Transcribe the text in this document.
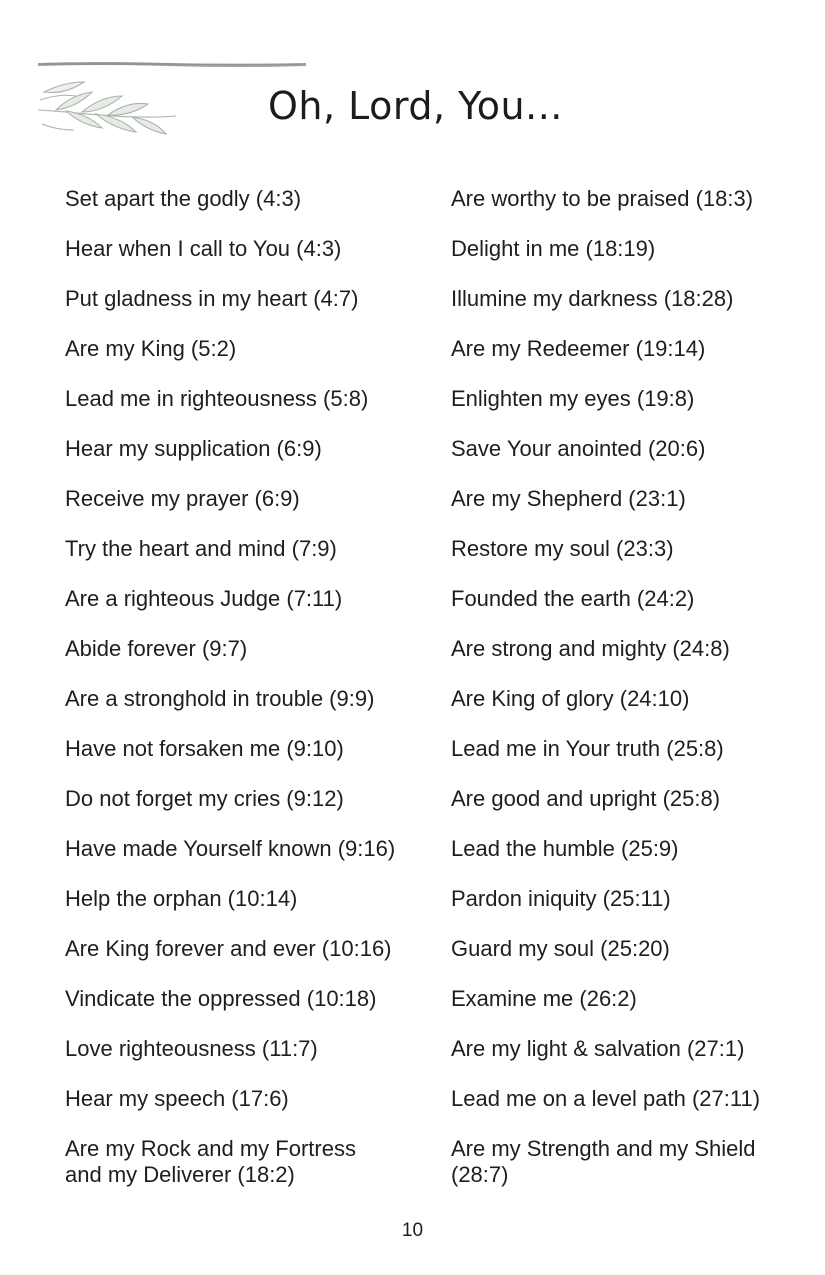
Oh, Lord, You...
Set apart the godly (4:3)
Hear when I call to You (4:3)
Put gladness in my heart (4:7)
Are my King (5:2)
Lead me in righteousness (5:8)
Hear my supplication (6:9)
Receive my prayer (6:9)
Try the heart and mind (7:9)
Are a righteous Judge (7:11)
Abide forever (9:7)
Are a stronghold in trouble (9:9)
Have not forsaken me (9:10)
Do not forget my cries (9:12)
Have made Yourself known (9:16)
Help the orphan (10:14)
Are King forever and ever (10:16)
Vindicate the oppressed (10:18)
Love righteousness (11:7)
Hear my speech (17:6)
Are my Rock and my Fortress and my Deliverer (18:2)
Are worthy to be praised (18:3)
Delight in me (18:19)
Illumine my darkness (18:28)
Are my Redeemer (19:14)
Enlighten my eyes (19:8)
Save Your anointed (20:6)
Are my Shepherd (23:1)
Restore my soul (23:3)
Founded the earth (24:2)
Are strong and mighty (24:8)
Are King of glory (24:10)
Lead me in Your truth (25:8)
Are good and upright (25:8)
Lead the humble (25:9)
Pardon iniquity (25:11)
Guard my soul (25:20)
Examine me (26:2)
Are my light & salvation (27:1)
Lead me on a level path (27:11)
Are my Strength and my Shield (28:7)
10
